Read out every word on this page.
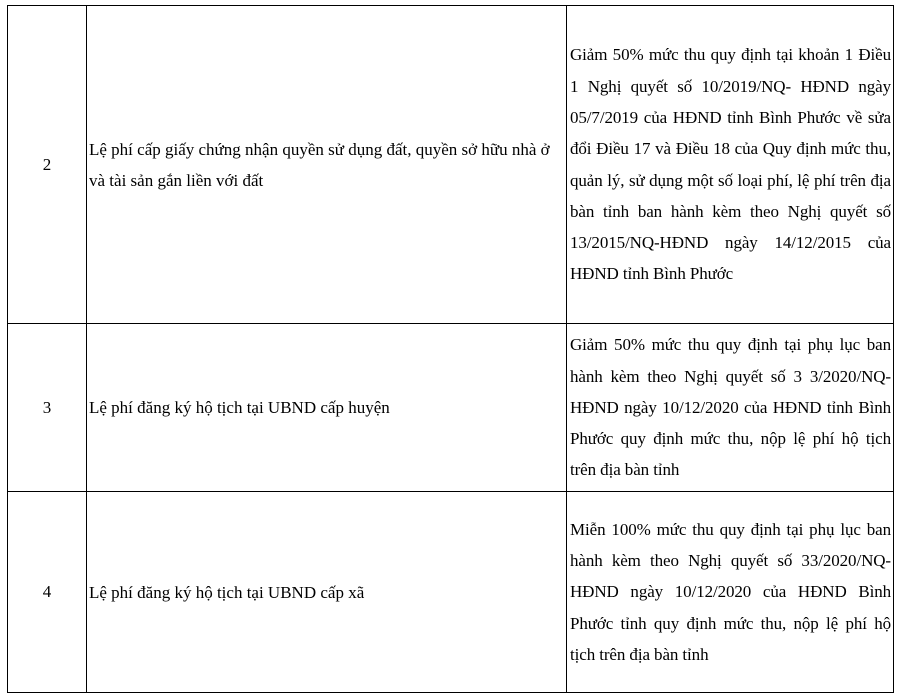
2	Lệ phí cấp giấy chứng nhận quyền sử dụng đất, quyền sở hữu nhà ở và tài sản gắn liền với đất	Giảm 50% mức thu quy định tại khoản 1 Điều 1 Nghị quyết số 10/2019/NQ- HĐND ngày 05/7/2019 của HĐND tỉnh Bình Phước về sửa đổi Điều 17 và Điều 18 của Quy định mức thu, quản lý, sử dụng một số loại phí, lệ phí trên địa bàn tỉnh ban hành kèm theo Nghị quyết số 13/2015/NQ-HĐND ngày 14/12/2015 của HĐND tỉnh Bình Phước
3	Lệ phí đăng ký hộ tịch tại UBND cấp huyện	Giảm 50% mức thu quy định tại phụ lục ban hành kèm theo Nghị quyết số 3 3/2020/NQ-HĐND ngày 10/12/2020 của HĐND tỉnh Bình Phước quy định mức thu, nộp lệ phí hộ tịch trên địa bàn tỉnh
4	Lệ phí đăng ký hộ tịch tại UBND cấp xã	Miễn 100% mức thu quy định tại phụ lục ban hành kèm theo Nghị quyết số 33/2020/NQ-HĐND ngày 10/12/2020 của HĐND Bình Phước tỉnh quy định mức thu, nộp lệ phí hộ tịch trên địa bàn tỉnh
